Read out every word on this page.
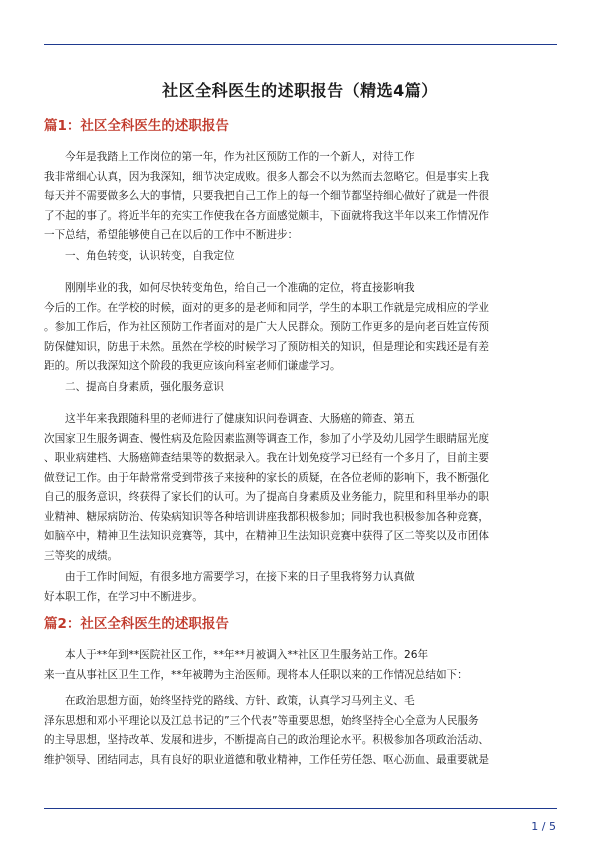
社区全科医生的述职报告（精选4篇）
篇1：社区全科医生的述职报告
今年是我踏上工作岗位的第一年，作为社区预防工作的一个新人，对待工作
我非常细心认真，因为我深知，细节决定成败。很多人都会不以为然而去忽略它。但是事实上我
每天并不需要做多么大的事情，只要我把自己工作上的每一个细节都坚持细心做好了就是一件很
了不起的事了。将近半年的充实工作使我在各方面感觉颇丰，下面就将我这半年以来工作情况作
一下总结，希望能够使自己在以后的工作中不断进步：
一、角色转变，认识转变，自我定位
刚刚毕业的我，如何尽快转变角色，给自己一个准确的定位，将直接影响我
今后的工作。在学校的时候，面对的更多的是老师和同学，学生的本职工作就是完成相应的学业
。参加工作后，作为社区预防工作者面对的是广大人民群众。预防工作更多的是向老百姓宣传预
防保健知识，防患于未然。虽然在学校的时候学习了预防相关的知识，但是理论和实践还是有差
距的。所以我深知这个阶段的我更应该向科室老师们谦虚学习。
二、提高自身素质，强化服务意识
这半年来我跟随科里的老师进行了健康知识问卷调查、大肠癌的筛查、第五
次国家卫生服务调查、慢性病及危险因素监测等调查工作，参加了小学及幼儿园学生眼睛屈光度
、职业病建档、大肠癌筛查结果等的数据录入。我在计划免疫学习已经有一个多月了，目前主要
做登记工作。由于年龄常常受到带孩子来接种的家长的质疑，在各位老师的影响下，我不断强化
自己的服务意识，终获得了家长们的认可。为了提高自身素质及业务能力，院里和科里举办的职
业精神、糖尿病防治、传染病知识等各种培训讲座我都积极参加；同时我也积极参加各种竞赛，
如脑卒中，精神卫生法知识竞赛等，其中，在精神卫生法知识竞赛中获得了区二等奖以及市团体
三等奖的成绩。
由于工作时间短，有很多地方需要学习，在接下来的日子里我将努力认真做
好本职工作，在学习中不断进步。
篇2：社区全科医生的述职报告
本人于**年到**医院社区工作，**年**月被调入**社区卫生服务站工作。26年
来一直从事社区卫生工作，**年被聘为主治医师。现将本人任职以来的工作情况总结如下：
在政治思想方面，始终坚持党的路线、方针、政策，认真学习马列主义、毛
泽东思想和邓小平理论以及江总书记的”三个代表”等重要思想，始终坚持全心全意为人民服务
的主导思想，坚持改革、发展和进步，不断提高自己的政治理论水平。积极参加各项政治活动、
维护领导、团结同志，具有良好的职业道德和敬业精神，工作任劳任怨、呕心沥血、最重要就是
1 / 5
